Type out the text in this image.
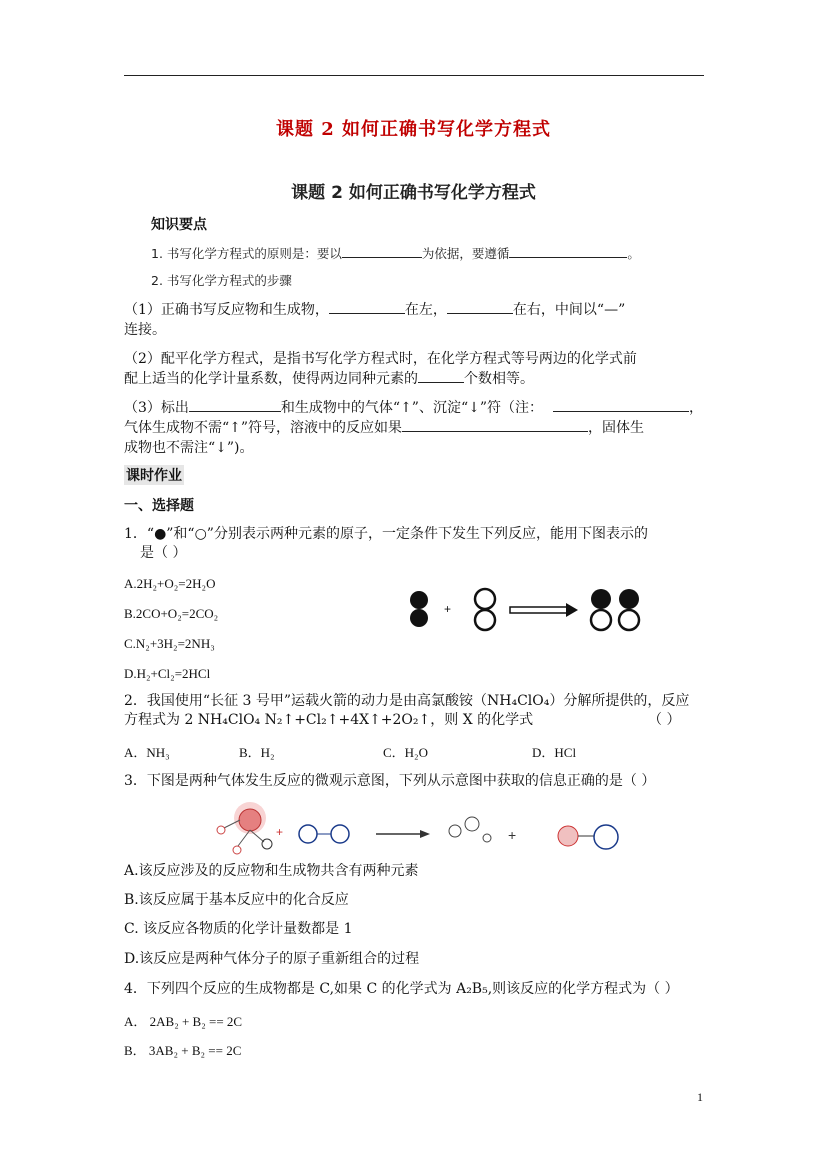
课题 2 如何正确书写化学方程式
课题 2 如何正确书写化学方程式
知识要点
1. 书写化学方程式的原则是：要以	为依据，要遵循	。
2. 书写化学方程式的步骤
（1）正确书写反应物和生成物，	在左，	在右，中间以“—”
连接。
（2）配平化学方程式，是指书写化学方程式时，在化学方程式等号两边的化学式前
配上适当的化学计量系数，使得两边同种元素的	个数相等。
（3）标出	和生成物中的气体“↑”、沉淀“↓”符（注：	，
气体生成物不需“↑”符号，溶液中的反应如果	，固体生
成物也不需注“↓”)。
课时作业
一、选择题
1．“●”和“○”分别表示两种元素的原子，一定条件下发生下列反应，能用下图表示的
是（ ）
A.2H₂+O₂=2H₂O
B.2CO+O₂=2CO₂
C.N₂+3H₂=2NH₃
D.H₂+Cl₂=2HCl
+
2．我国使用“长征 3 号甲”运载火箭的动力是由高氯酸铵（NH₄ClO₄）分解所提供的，反应
方程式为 2 NH₄ClO₄ N₂↑+Cl₂↑+4X↑+2O₂↑，则 X 的化学式	（ ）
A．NH₃	B．H₂	C．H₂O	D．HCl
3．下图是两种气体发生反应的微观示意图，下列从示意图中获取的信息正确的是（ ）
+	+
A.该反应涉及的反应物和生成物共含有两种元素
B.该反应属于基本反应中的化合反应
C. 该反应各物质的化学计量数都是 1
D.该反应是两种气体分子的原子重新组合的过程
4．下列四个反应的生成物都是 C,如果 C 的化学式为 A₂B₅,则该反应的化学方程式为（ ）
A． 2AB₂ + B₂ == 2C
B． 3AB₂ + B₂ == 2C
1
